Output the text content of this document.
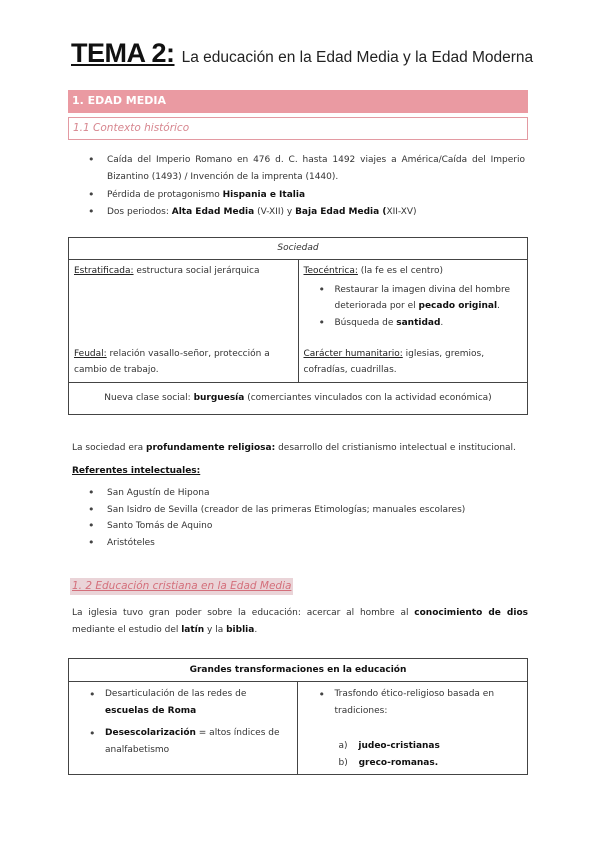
TEMA 2: La educación en la Edad Media y la Edad Moderna
1. EDAD MEDIA
1.1 Contexto histórico
• Caída del Imperio Romano en 476 d. C. hasta 1492 viajes a América/Caída del Imperio Bizantino (1493) / Invención de la imprenta (1440).
• Pérdida de protagonismo Hispania e Italia
• Dos periodos: Alta Edad Media (V-XII) y Baja Edad Media (XII-XV)
Sociedad

Estratificada: estructura social jerárquica
Feudal: relación vasallo-señor, protección a cambio de trabajo.

Teocéntrica: (la fe es el centro)
• Restaurar la imagen divina del hombre deteriorada por el pecado original.
• Búsqueda de santidad.
Carácter humanitario: iglesias, gremios, cofradías, cuadrillas.

Nueva clase social: burguesía (comerciantes vinculados con la actividad económica)
La sociedad era profundamente religiosa: desarrollo del cristianismo intelectual e institucional.
Referentes intelectuales:
• San Agustín de Hipona
• San Isidro de Sevilla (creador de las primeras Etimologías; manuales escolares)
• Santo Tomás de Aquino
• Aristóteles
1. 2 Educación cristiana en la Edad Media
La iglesia tuvo gran poder sobre la educación: acercar al hombre al conocimiento de dios mediante el estudio del latín y la biblia.
Grandes transformaciones en la educación

• Desarticulación de las redes de escuelas de Roma
• Desescolarización = altos índices de analfabetismo

• Trasfondo ético-religioso basada en tradiciones:
a) judeo-cristianas
b) greco-romanas.
